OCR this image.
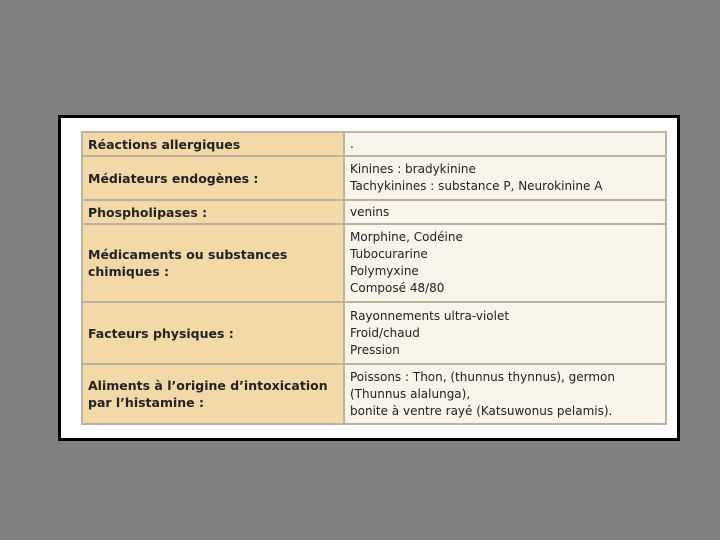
Réactions allergiques	.

Médiateurs endogènes :	Kinines : bradykinine
Tachykinines : substance P, Neurokinine A

Phospholipases :	venins

Médicaments ou substances chimiques :	Morphine, Codéine
Tubocurarine
Polymyxine
Composé 48/80

Facteurs physiques :	Rayonnements ultra-violet
Froid/chaud
Pression

Aliments à l’origine d’intoxication par l’histamine :	Poissons : Thon, (thunnus thynnus), germon (Thunnus alalunga),
bonite à ventre rayé (Katsuwonus pelamis).
